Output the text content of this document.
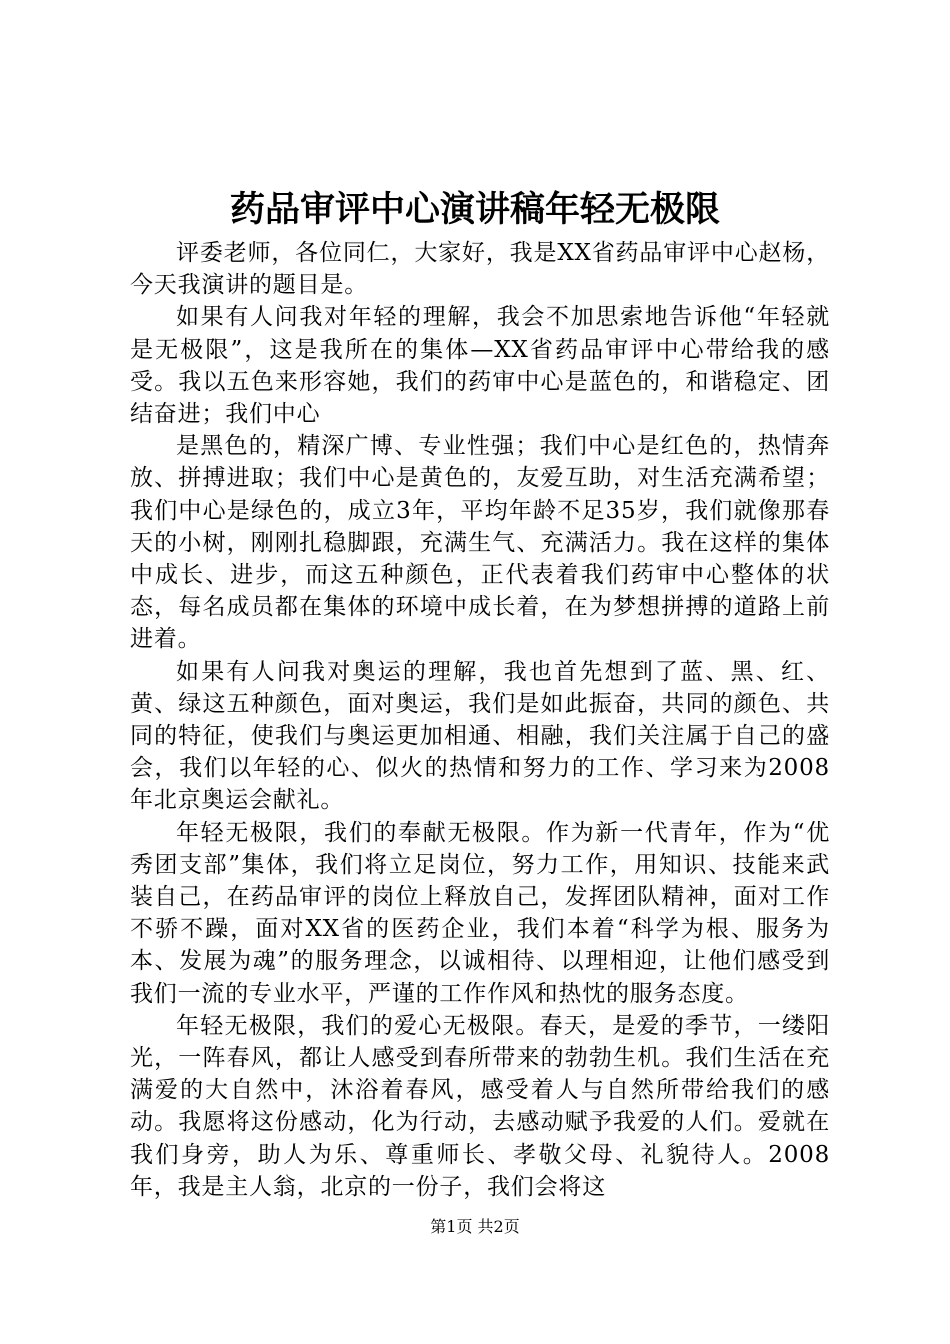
药品审评中心演讲稿年轻无极限

评委老师，各位同仁，大家好，我是XX省药品审评中心赵杨，今天我演讲的题目是。

如果有人问我对年轻的理解，我会不加思索地告诉他“年轻就是无极限”，这是我所在的集体—XX省药品审评中心带给我的感受。我以五色来形容她，我们的药审中心是蓝色的，和谐稳定、团结奋进；我们中心

是黑色的，精深广博、专业性强；我们中心是红色的，热情奔放、拼搏进取；我们中心是黄色的，友爱互助，对生活充满希望；我们中心是绿色的，成立3年，平均年龄不足35岁，我们就像那春天的小树，刚刚扎稳脚跟，充满生气、充满活力。我在这样的集体中成长、进步，而这五种颜色，正代表着我们药审中心整体的状态，每名成员都在集体的环境中成长着，在为梦想拼搏的道路上前进着。

如果有人问我对奥运的理解，我也首先想到了蓝、黑、红、黄、绿这五种颜色，面对奥运，我们是如此振奋，共同的颜色、共同的特征，使我们与奥运更加相通、相融，我们关注属于自己的盛会，我们以年轻的心、似火的热情和努力的工作、学习来为2008年北京奥运会献礼。

年轻无极限，我们的奉献无极限。作为新一代青年，作为“优秀团支部”集体，我们将立足岗位，努力工作，用知识、技能来武装自己，在药品审评的岗位上释放自己，发挥团队精神，面对工作不骄不躁，面对XX省的医药企业，我们本着“科学为根、服务为本、发展为魂”的服务理念，以诚相待、以理相迎，让他们感受到我们一流的专业水平，严谨的工作作风和热忱的服务态度。

年轻无极限，我们的爱心无极限。春天，是爱的季节，一缕阳光，一阵春风，都让人感受到春所带来的勃勃生机。我们生活在充满爱的大自然中，沐浴着春风，感受着人与自然所带给我们的感动。我愿将这份感动，化为行动，去感动赋予我爱的人们。爱就在我们身旁，助人为乐、尊重师长、孝敬父母、礼貌待人。2008年，我是主人翁，北京的一份子，我们会将这

第1页 共2页
